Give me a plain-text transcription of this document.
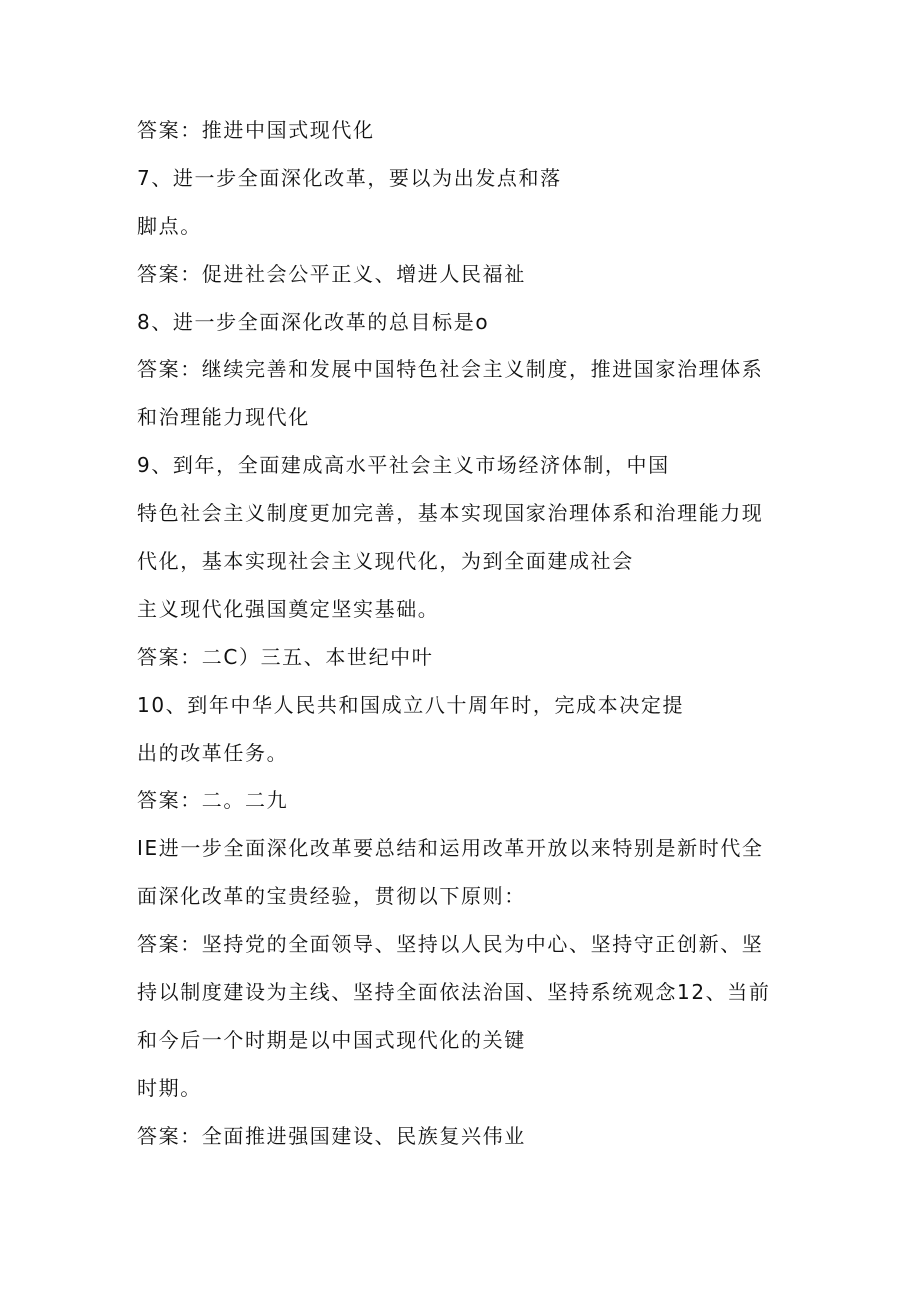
答案：推进中国式现代化
7、进一步全面深化改革，要以为出发点和落
脚点。
答案：促进社会公平正义、增进人民福祉
8、进一步全面深化改革的总目标是o
答案：继续完善和发展中国特色社会主义制度，推进国家治理体系
和治理能力现代化
9、到年，全面建成高水平社会主义市场经济体制，中国
特色社会主义制度更加完善，基本实现国家治理体系和治理能力现
代化，基本实现社会主义现代化，为到全面建成社会
主义现代化强国奠定坚实基础。
答案：二C）三五、本世纪中叶
10、到年中华人民共和国成立八十周年时，完成本决定提
出的改革任务。
答案：二。二九
IE进一步全面深化改革要总结和运用改革开放以来特别是新时代全
面深化改革的宝贵经验，贯彻以下原则：
答案：坚持党的全面领导、坚持以人民为中心、坚持守正创新、坚
持以制度建设为主线、坚持全面依法治国、坚持系统观念12、当前
和今后一个时期是以中国式现代化的关键
时期。
答案：全面推进强国建设、民族复兴伟业
